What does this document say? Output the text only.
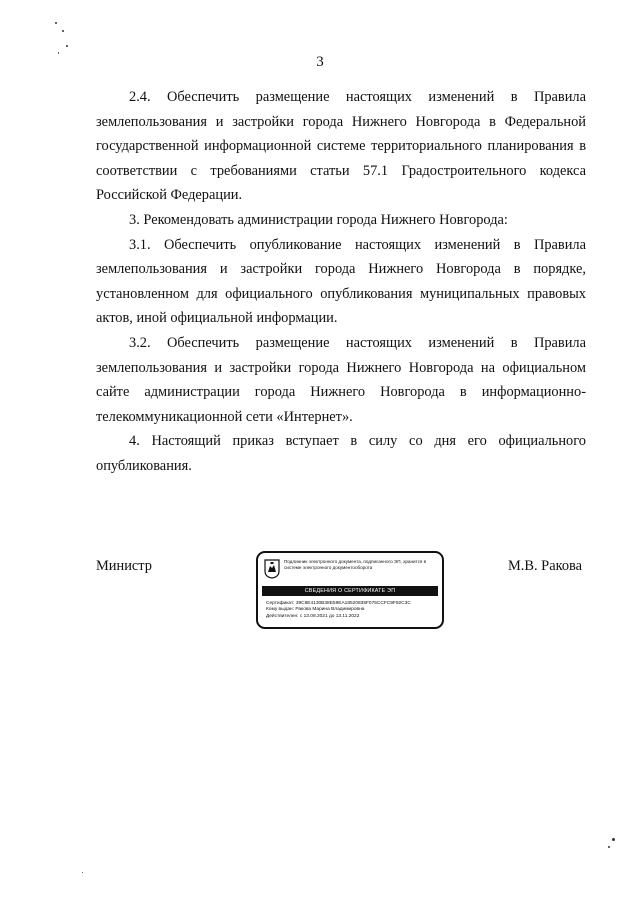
3

2.4. Обеспечить размещение настоящих изменений в Правила землепользования и застройки города Нижнего Новгорода в Федеральной государственной информационной системе территориального планирования в соответствии с требованиями статьи 57.1 Градостроительного кодекса Российской Федерации.

3. Рекомендовать администрации города Нижнего Новгорода:

3.1. Обеспечить опубликование настоящих изменений в Правила землепользования и застройки города Нижнего Новгорода в порядке, установленном для официального опубликования муниципальных правовых актов, иной официальной информации.

3.2. Обеспечить размещение настоящих изменений в Правила землепользования и застройки города Нижнего Новгорода на официальном сайте администрации города Нижнего Новгорода в информационно-телекоммуникационной сети «Интернет».

4. Настоящий приказ вступает в силу со дня его официального опубликования.

Министр	М.В. Ракова
Подлинник электронного документа, подписанного ЭП, хранится в системе электронного документооборота
СВЕДЕНИЯ О СЕРТИФИКАТЕ ЭП
Сертификат: 39C8E4130B38E59EA18520835F075CCFC9F92C3C
Кому выдан: Ракова Марина Владимировна
Действителен: с 13.08.2021 до 13.11.2022
